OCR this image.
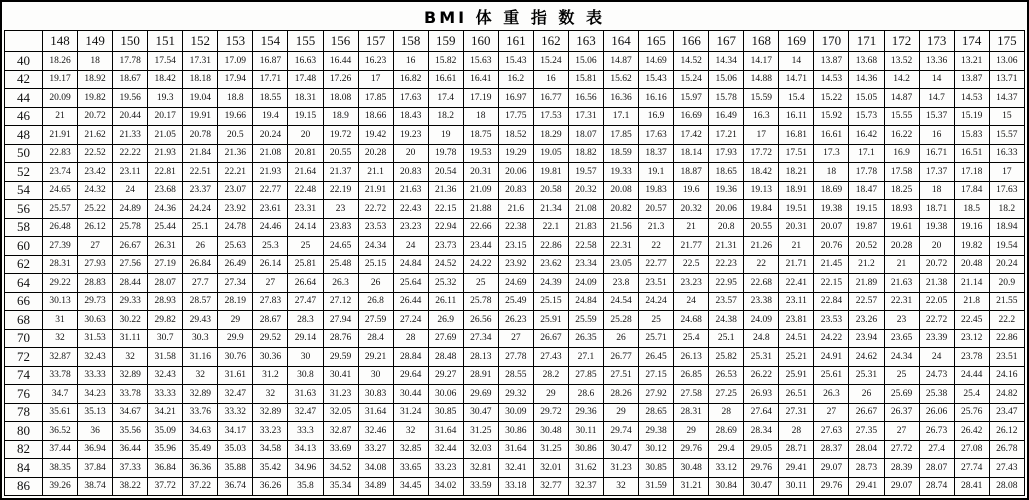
BMI 体 重 指 数 表
	148	149	150	151	152	153	154	155	156	157	158	159	160	161	162	163	164	165	166	167	168	169	170	171	172	173	174	175
40	18.26	18	17.78	17.54	17.31	17.09	16.87	16.63	16.44	16.23	16	15.82	15.63	15.43	15.24	15.06	14.87	14.69	14.52	14.34	14.17	14	13.87	13.68	13.52	13.36	13.21	13.06
42	19.17	18.92	18.67	18.42	18.18	17.94	17.71	17.48	17.26	17	16.82	16.61	16.41	16.2	16	15.81	15.62	15.43	15.24	15.06	14.88	14.71	14.53	14.36	14.2	14	13.87	13.71
44	20.09	19.82	19.56	19.3	19.04	18.8	18.55	18.31	18.08	17.85	17.63	17.4	17.19	16.97	16.77	16.56	16.36	16.16	15.97	15.78	15.59	15.4	15.22	15.05	14.87	14.7	14.53	14.37
46	21	20.72	20.44	20.17	19.91	19.66	19.4	19.15	18.9	18.66	18.43	18.2	18	17.75	17.53	17.31	17.1	16.9	16.69	16.49	16.3	16.11	15.92	15.73	15.55	15.37	15.19	15
48	21.91	21.62	21.33	21.05	20.78	20.5	20.24	20	19.72	19.42	19.23	19	18.75	18.52	18.29	18.07	17.85	17.63	17.42	17.21	17	16.81	16.61	16.42	16.22	16	15.83	15.57
50	22.83	22.52	22.22	21.93	21.84	21.36	21.08	20.81	20.55	20.28	20	19.78	19.53	19.29	19.05	18.82	18.59	18.37	18.14	17.93	17.72	17.51	17.3	17.1	16.9	16.71	16.51	16.33
52	23.74	23.42	23.11	22.81	22.51	22.21	21.93	21.64	21.37	21.1	20.83	20.54	20.31	20.06	19.81	19.57	19.33	19.1	18.87	18.65	18.42	18.21	18	17.78	17.58	17.37	17.18	17
54	24.65	24.32	24	23.68	23.37	23.07	22.77	22.48	22.19	21.91	21.63	21.36	21.09	20.83	20.58	20.32	20.08	19.83	19.6	19.36	19.13	18.91	18.69	18.47	18.25	18	17.84	17.63
56	25.57	25.22	24.89	24.36	24.24	23.92	23.61	23.31	23	22.72	22.43	22.15	21.88	21.6	21.34	21.08	20.82	20.57	20.32	20.06	19.84	19.51	19.38	19.15	18.93	18.71	18.5	18.2
58	26.48	26.12	25.78	25.44	25.1	24.78	24.46	24.14	23.83	23.53	23.23	22.94	22.66	22.38	22.1	21.83	21.56	21.3	21	20.8	20.55	20.31	20.07	19.87	19.61	19.38	19.16	18.94
60	27.39	27	26.67	26.31	26	25.63	25.3	25	24.65	24.34	24	23.73	23.44	23.15	22.86	22.58	22.31	22	21.77	21.31	21.26	21	20.76	20.52	20.28	20	19.82	19.54
62	28.31	27.93	27.56	27.19	26.84	26.49	26.14	25.81	25.48	25.15	24.84	24.52	24.22	23.92	23.62	23.34	23.05	22.77	22.5	22.23	22	21.71	21.45	21.2	21	20.72	20.48	20.24
64	29.22	28.83	28.44	28.07	27.7	27.34	27	26.64	26.3	26	25.64	25.32	25	24.69	24.39	24.09	23.8	23.51	23.23	22.95	22.68	22.41	22.15	21.89	21.63	21.38	21.14	20.9
66	30.13	29.73	29.33	28.93	28.57	28.19	27.83	27.47	27.12	26.8	26.44	26.11	25.78	25.49	25.15	24.84	24.54	24.24	24	23.57	23.38	23.11	22.84	22.57	22.31	22.05	21.8	21.55
68	31	30.63	30.22	29.82	29.43	29	28.67	28.3	27.94	27.59	27.24	26.9	26.56	26.23	25.91	25.59	25.28	25	24.68	24.38	24.09	23.81	23.53	23.26	23	22.72	22.45	22.2
70	32	31.53	31.11	30.7	30.3	29.9	29.52	29.14	28.76	28.4	28	27.69	27.34	27	26.67	26.35	26	25.71	25.4	25.1	24.8	24.51	24.22	23.94	23.65	23.39	23.12	22.86
72	32.87	32.43	32	31.58	31.16	30.76	30.36	30	29.59	29.21	28.84	28.48	28.13	27.78	27.43	27.1	26.77	26.45	26.13	25.82	25.31	25.21	24.91	24.62	24.34	24	23.78	23.51
74	33.78	33.33	32.89	32.43	32	31.61	31.2	30.8	30.41	30	29.64	29.27	28.91	28.55	28.2	27.85	27.51	27.15	26.85	26.53	26.22	25.91	25.61	25.31	25	24.73	24.44	24.16
76	34.7	34.23	33.78	33.33	32.89	32.47	32	31.63	31.23	30.83	30.44	30.06	29.69	29.32	29	28.6	28.26	27.92	27.58	27.25	26.93	26.51	26.3	26	25.69	25.38	25.4	24.82
78	35.61	35.13	34.67	34.21	33.76	33.32	32.89	32.47	32.05	31.64	31.24	30.85	30.47	30.09	29.72	29.36	29	28.65	28.31	28	27.64	27.31	27	26.67	26.37	26.06	25.76	23.47
80	36.52	36	35.56	35.09	34.63	34.17	33.23	33.3	32.87	32.46	32	31.64	31.25	30.86	30.48	30.11	29.74	29.38	29	28.69	28.34	28	27.63	27.35	27	26.73	26.42	26.12
82	37.44	36.94	36.44	35.96	35.49	35.03	34.58	34.13	33.69	33.27	32.85	32.44	32.03	31.64	31.25	30.86	30.47	30.12	29.76	29.4	29.05	28.71	28.37	28.04	27.72	27.4	27.08	26.78
84	38.35	37.84	37.33	36.84	36.36	35.88	35.42	34.96	34.52	34.08	33.65	33.23	32.81	32.41	32.01	31.62	31.23	30.85	30.48	33.12	29.76	29.41	29.07	28.73	28.39	28.07	27.74	27.43
86	39.26	38.74	38.22	37.72	37.22	36.74	36.26	35.8	35.34	34.89	34.45	34.02	33.59	33.18	32.77	32.37	32	31.59	31.21	30.84	30.47	30.11	29.76	29.41	29.07	28.74	28.41	28.08
